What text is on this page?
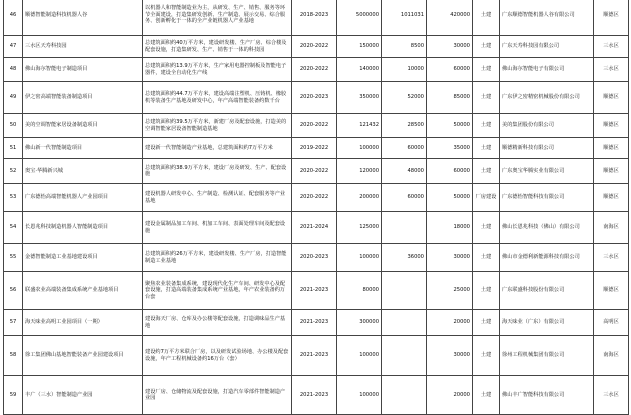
46	顺德智能制造科技机器人谷	以机器人和智能制造业为主，从研发、生产、销售、服务等环节全面建设，打造集研发创新、生产制造、展示交易、综合服务、创新孵化于一体的全产业链机器人产业基地	2018-2023	5000000	1011031	420000	土建	广东顺德智能机器人谷有限公司	顺德区
47	三水区天寿科技园	总建筑面积约40万平方米，建设研发楼、生产厂房、综合楼及配套设施，打造集研发、生产、销售于一体的科技园	2020-2022	150000	8500	30000	土建	广东天寿科技园有限公司	三水区
48	佛山海尔智能电子制造项目	总建筑面积约13.9万平方米，生产家用电器控制板及智能电子器件，建设全自动化生产线	2020-2022	140000	10000	60000	土建	佛山海尔智能电子有限公司	三水区
49	伊之密高端智能装备制造项目	总建筑面积约44.7万平方米，建设高端注塑机、压铸机、橡胶机等装备生产基地及研发中心，年产高端智能装备约数千台	2020-2023	350000	52000	85000	土建	广东伊之密精密机械股份有限公司	顺德区
50	美的空调智能家居设备制造项目	总建筑面积约39.5万平方米，新建厂房及配套设施，打造美的空调智能家居设备智能制造基地	2020-2022	121432	28500	50000	土建	美的集团股份有限公司	顺德区
51	佛山新一代智能制造项目	建设新一代智能制造产业基地，总建筑面积约7万平方米	2019-2022	100000	60000	35000	土建	顺德精新科技有限公司	顺德区
52	奥宝·华腾新兴城	总建筑面积约38.9万平方米，建设厂房及研发、生产、配套设施	2020-2022	120000	48000	60000	土建	广东奥宝华腾实业有限公司	顺德区
53	广东德怡高端智能机器人产业园项目	建设机器人研发中心、生产制造、检测认证、配套服务等产业基地	2020-2022	200000	60000	50000	厂房建设	广东德怡智能科技有限公司	顺德区
54	长恩兆科技制造机器人智能制造项目	建设金属制品加工车间、机加工车间、表面处理车间及配套设施	2021-2024	125000		18000	土建	佛山长恩兆科技（佛山）有限公司	南海区
55	金德智能制造工业基地建设项目	总建筑面积约26万平方米，建设研发楼、生产厂房，打造智能制造工业基地	2020-2023	100000	36000	30000	土建	佛山市金德利新能源科技有限公司	三水区
56	联盛农业高端装备集成系统产业基地项目	聚焦农业装备集成系统，建设现代化生产车间、研发中心及配套设施，打造高端装备集成系统产业基地，年产农业装备约万台套	2021-2023	80000		25000	土建	广东联盛科技股份有限公司	顺德区
57	海天味业高明工业园项目（一期）	建设海天厂房、仓库及办公楼等配套设施，打造调味品生产基地	2021-2023	300000		20000	土建	海天味业（广东）有限公司	高明区
58	徐工集团佛山基地智能装备产业园建设项目	建设约7万平方米联合厂房，以及研发试验场地、办公楼及配套设施，年产工程机械设备约16万台（套）	2021-2023	100000		30000	土建	徐州工程机械集团有限公司	南海区
59	丰广（三水）智能制造产业园	建设厂房、仓储物流及配套设施，打造汽车零部件智能制造产业园	2021-2023	100000		20000	土建	佛山丰广智能科技有限公司	三水区
